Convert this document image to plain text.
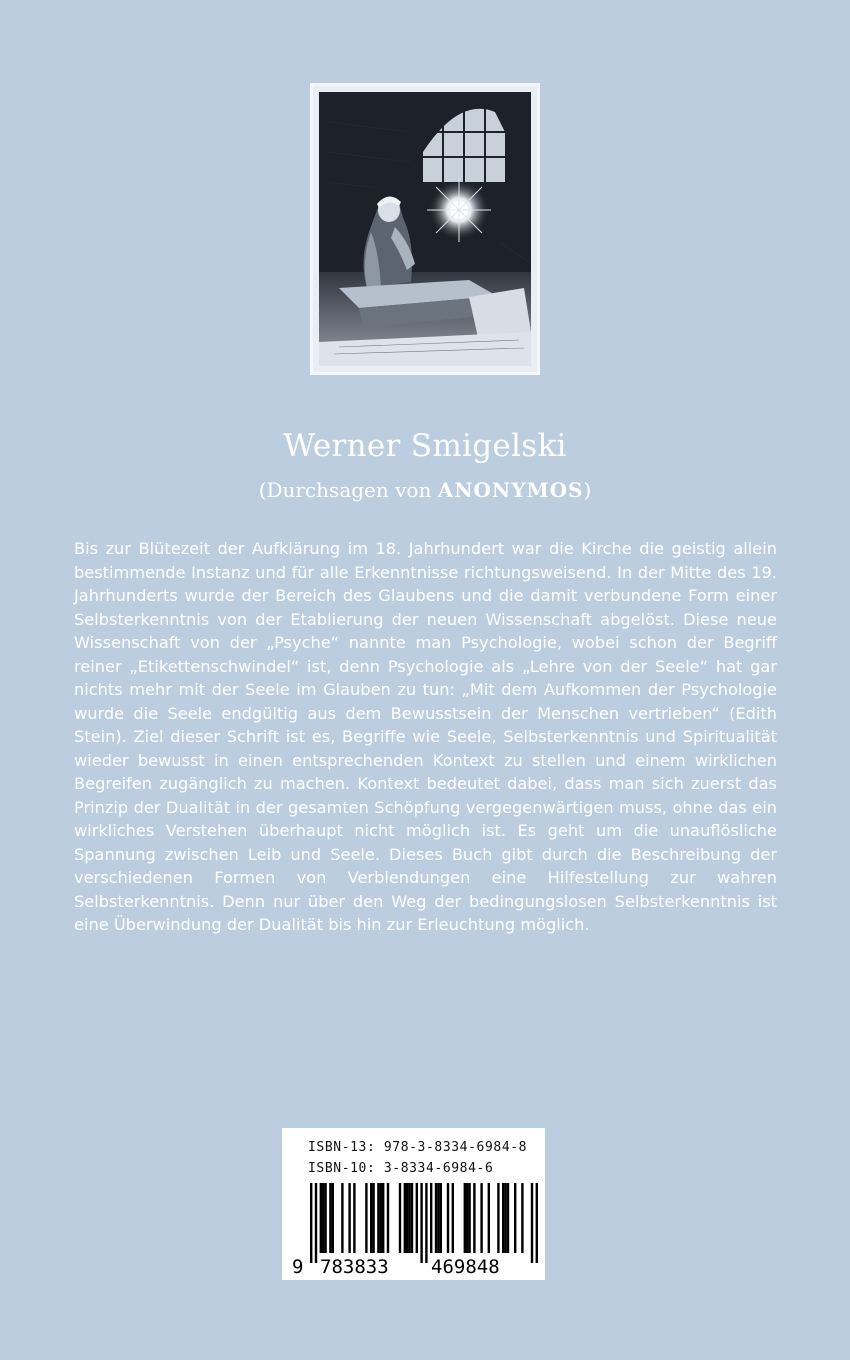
Werner Smigelski
(Durchsagen von ANONYMOS)

Bis zur Blütezeit der Aufklärung im 18. Jahrhundert war die Kirche die geistig allein bestimmende Instanz und für alle Erkenntnisse richtungsweisend. In der Mitte des 19. Jahrhunderts wurde der Bereich des Glaubens und die damit verbundene Form einer Selbsterkenntnis von der Etablierung der neuen Wissenschaft abgelöst. Diese neue Wissenschaft von der „Psyche“ nannte man Psychologie, wobei schon der Begriff reiner „Etikettenschwindel“ ist, denn Psychologie als „Lehre von der Seele“ hat gar nichts mehr mit der Seele im Glauben zu tun: „Mit dem Aufkommen der Psychologie wurde die Seele endgültig aus dem Bewusstsein der Menschen vertrieben“ (Edith Stein). Ziel dieser Schrift ist es, Begriffe wie Seele, Selbsterkenntnis und Spiritualität wieder bewusst in einen entsprechenden Kontext zu stellen und einem wirklichen Begreifen zugänglich zu machen. Kontext bedeutet dabei, dass man sich zuerst das Prinzip der Dualität in der gesamten Schöpfung vergegenwärtigen muss, ohne das ein wirkliches Verstehen überhaupt nicht möglich ist. Es geht um die unauflösliche Spannung zwischen Leib und Seele. Dieses Buch gibt durch die Beschreibung der verschiedenen Formen von Verblendungen eine Hilfestellung zur wahren Selbsterkenntnis. Denn nur über den Weg der bedingungslosen Selbsterkenntnis ist eine Überwindung der Dualität bis hin zur Erleuchtung möglich.

ISBN-13: 978-3-8334-6984-8
ISBN-10: 3-8334-6984-6
9 783833 469848
